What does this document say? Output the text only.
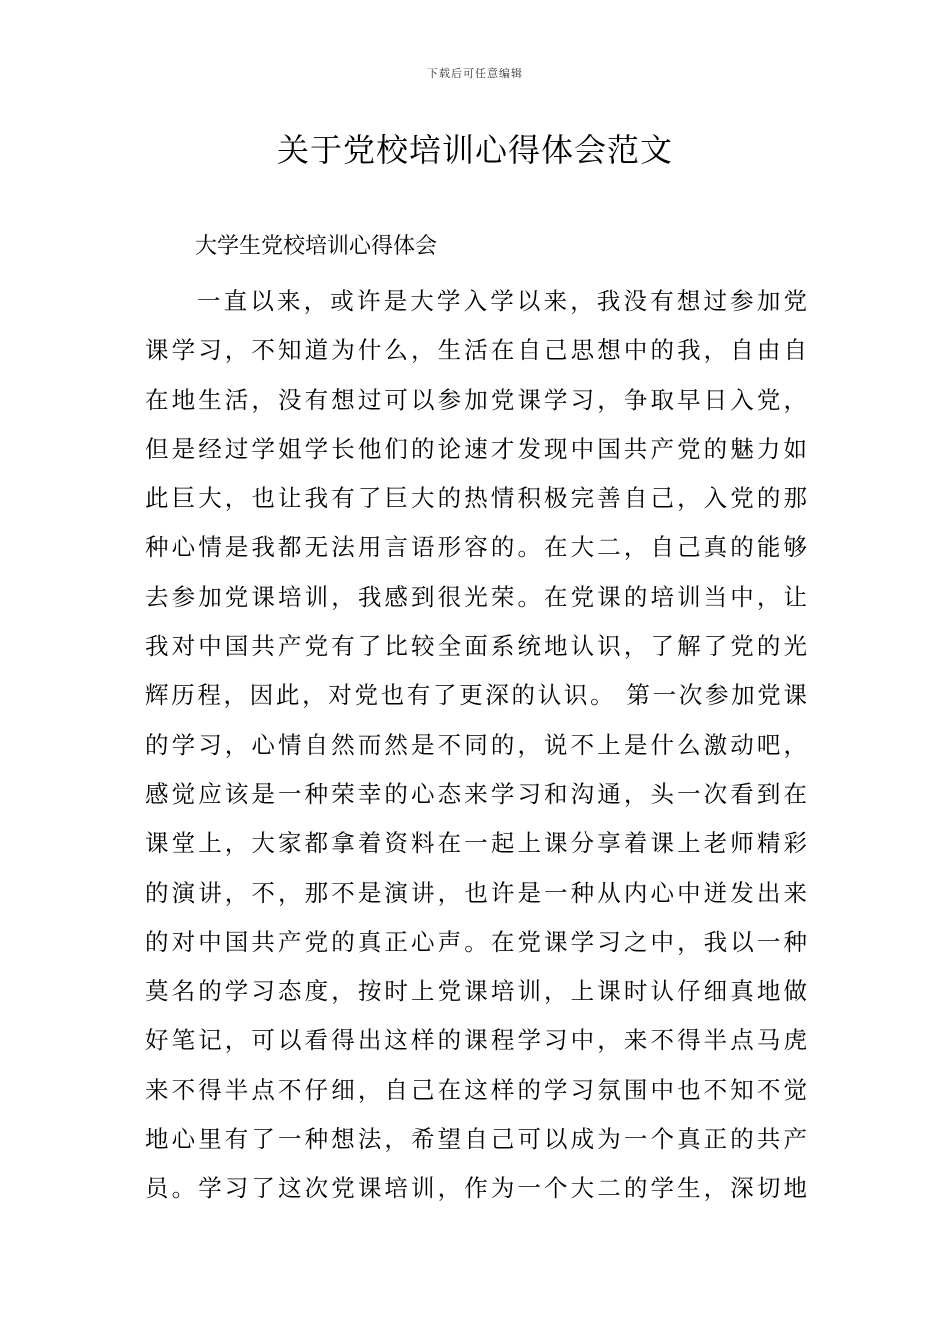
下载后可任意编辑
关于党校培训心得体会范文
大学生党校培训心得体会
一直以来，或许是大学入学以来，我没有想过参加党
课学习，不知道为什么，生活在自己思想中的我，自由自
在地生活，没有想过可以参加党课学习，争取早日入党，
但是经过学姐学长他们的论速才发现中国共产党的魅力如
此巨大，也让我有了巨大的热情积极完善自己，入党的那
种心情是我都无法用言语形容的。在大二，自己真的能够
去参加党课培训，我感到很光荣。在党课的培训当中，让
我对中国共产党有了比较全面系统地认识，了解了党的光
辉历程，因此，对党也有了更深的认识。 第一次参加党课
的学习，心情自然而然是不同的，说不上是什么激动吧，
感觉应该是一种荣幸的心态来学习和沟通，头一次看到在
课堂上，大家都拿着资料在一起上课分享着课上老师精彩
的演讲，不，那不是演讲，也许是一种从内心中迸发出来
的对中国共产党的真正心声。在党课学习之中，我以一种
莫名的学习态度，按时上党课培训，上课时认仔细真地做
好笔记，可以看得出这样的课程学习中，来不得半点马虎
来不得半点不仔细，自己在这样的学习氛围中也不知不觉
地心里有了一种想法，希望自己可以成为一个真正的共产
员。学习了这次党课培训，作为一个大二的学生，深切地
